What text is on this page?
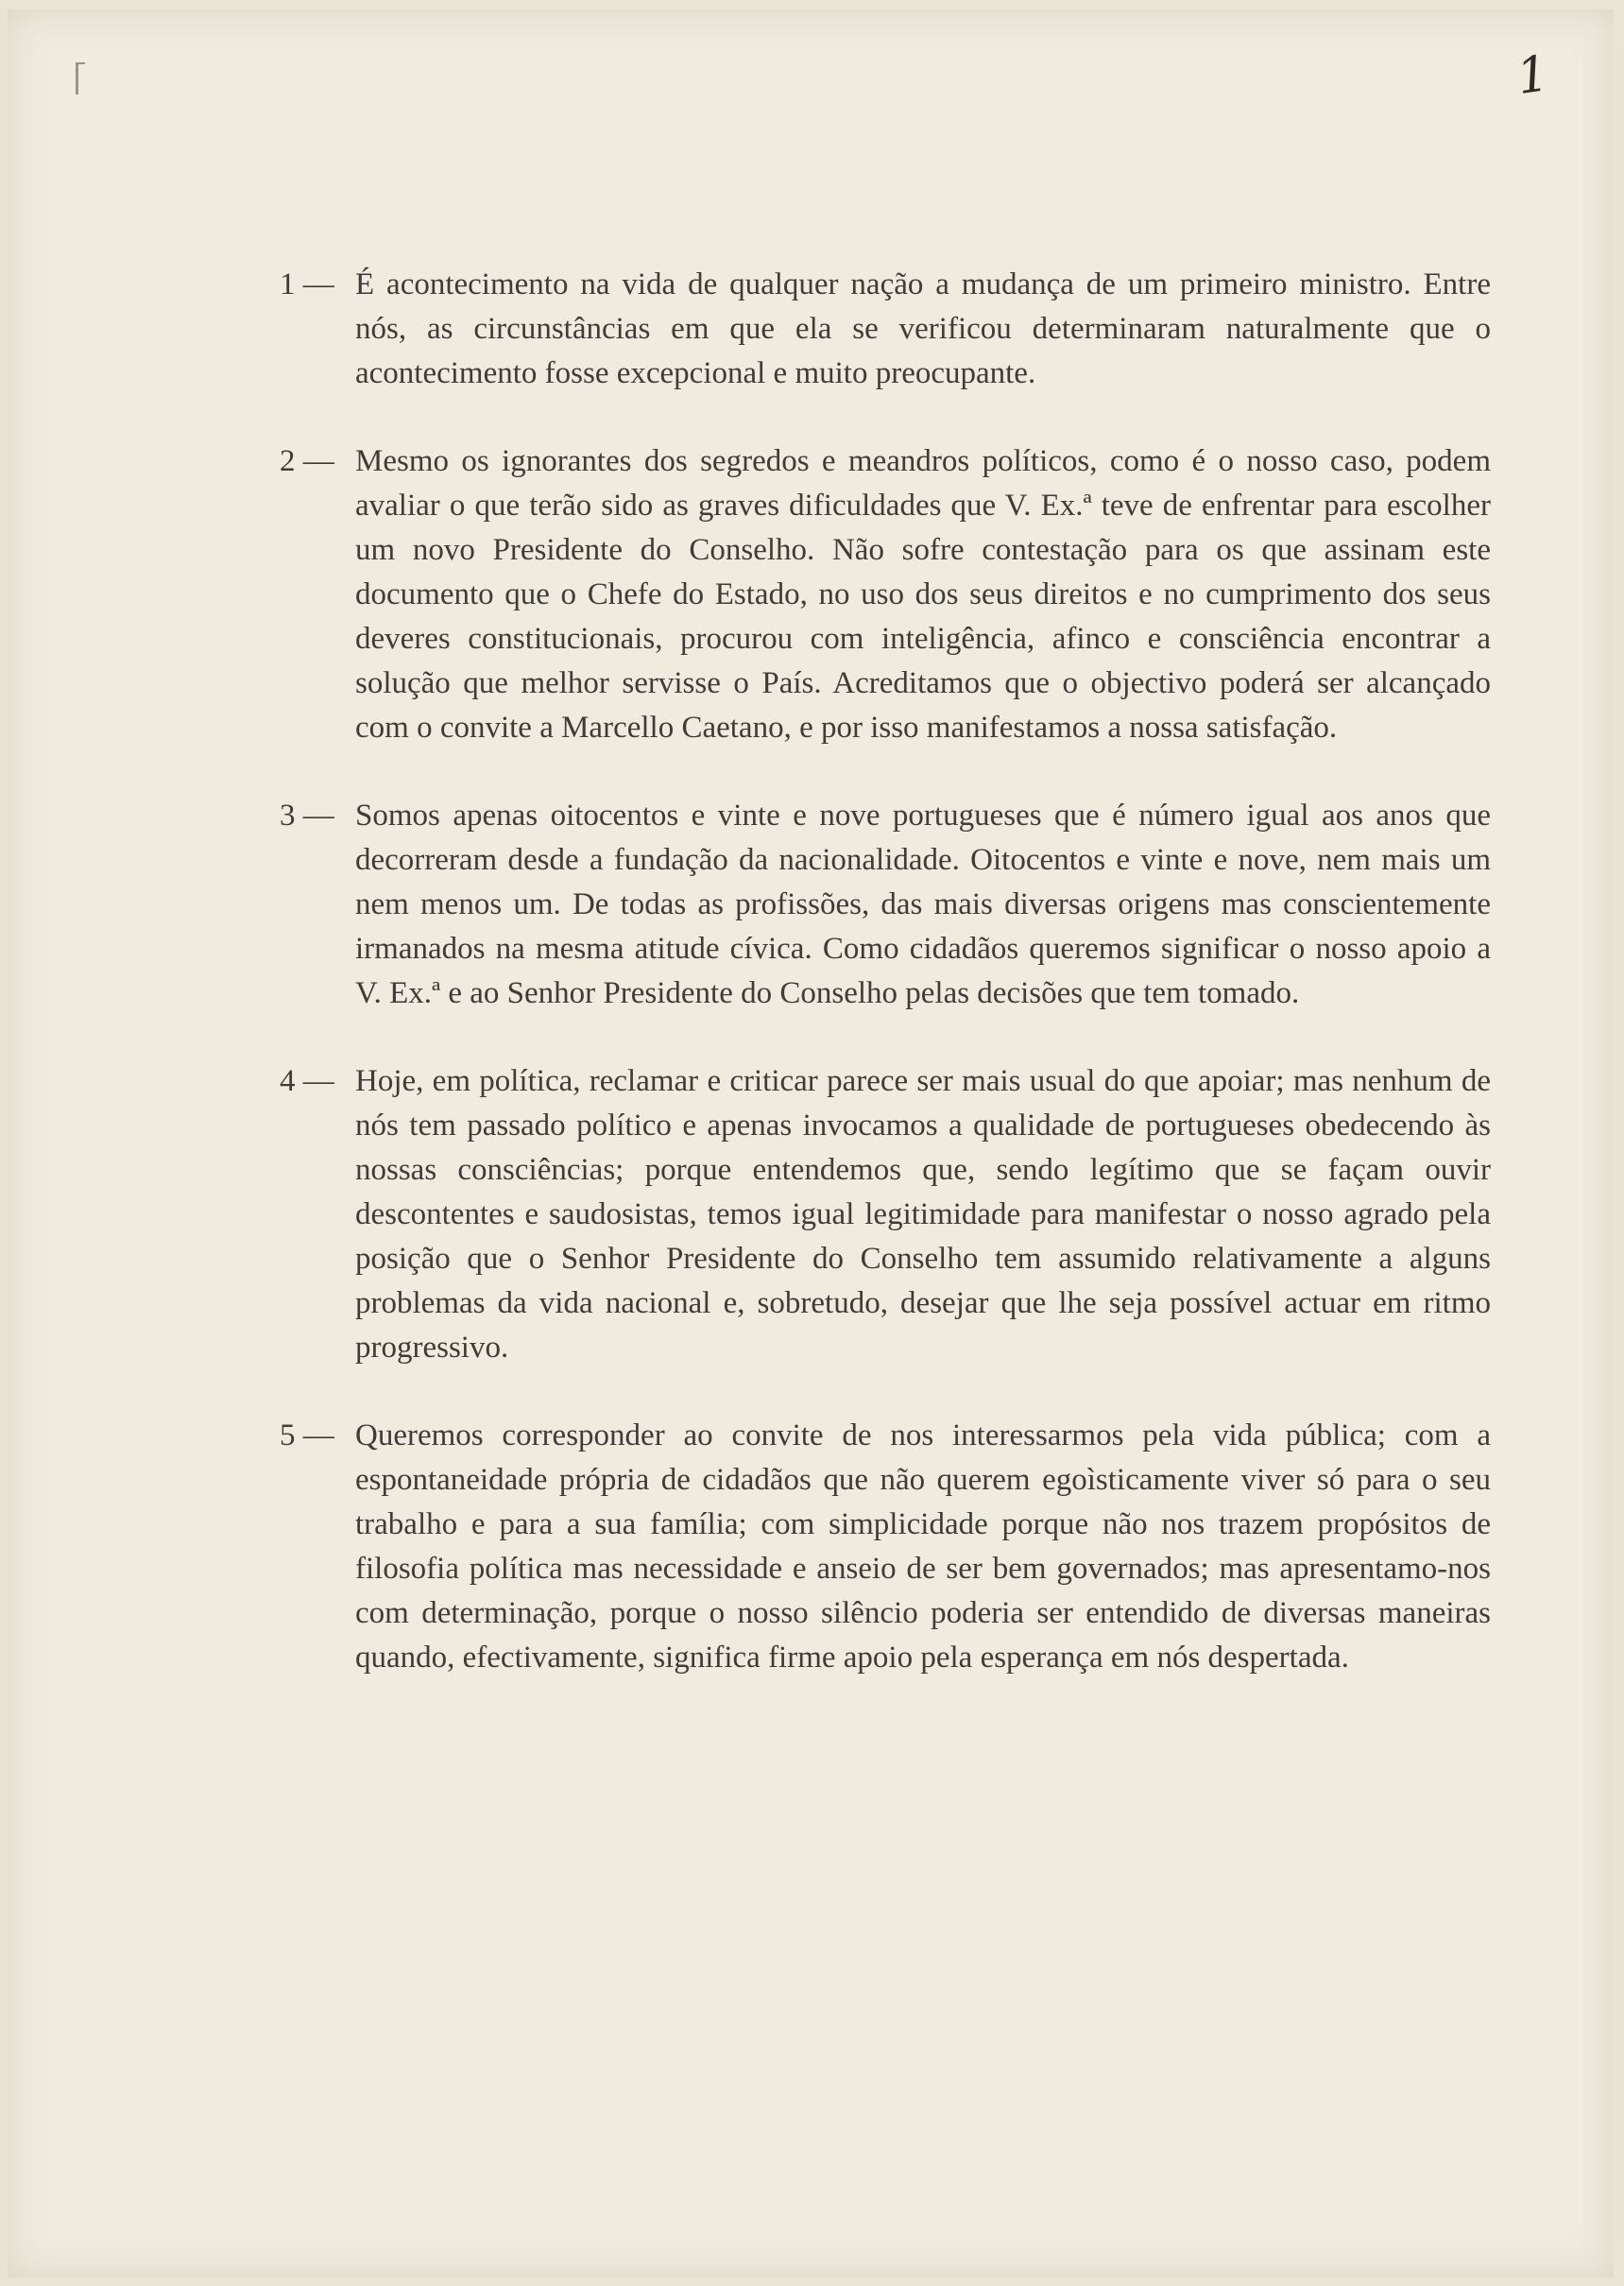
1
1 — É acontecimento na vida de qualquer nação a mudança de um primeiro ministro. Entre nós, as circunstâncias em que ela se verificou determinaram naturalmente que o acontecimento fosse excepcional e muito preocupante.
2 — Mesmo os ignorantes dos segredos e meandros políticos, como é o nosso caso, podem avaliar o que terão sido as graves dificuldades que V. Ex.ª teve de enfrentar para escolher um novo Presidente do Conselho. Não sofre contestação para os que assinam este documento que o Chefe do Estado, no uso dos seus direitos e no cumprimento dos seus deveres constitucionais, procurou com inteligência, afinco e consciência encontrar a solução que melhor servisse o País. Acreditamos que o objectivo poderá ser alcançado com o convite a Marcello Caetano, e por isso manifestamos a nossa satisfação.
3 — Somos apenas oitocentos e vinte e nove portugueses que é número igual aos anos que decorreram desde a fundação da nacionalidade. Oitocentos e vinte e nove, nem mais um nem menos um. De todas as profissões, das mais diversas origens mas conscientemente irmanados na mesma atitude cívica. Como cidadãos queremos significar o nosso apoio a V. Ex.ª e ao Senhor Presidente do Conselho pelas decisões que tem tomado.
4 — Hoje, em política, reclamar e criticar parece ser mais usual do que apoiar; mas nenhum de nós tem passado político e apenas invocamos a qualidade de portugueses obedecendo às nossas consciências; porque entendemos que, sendo legítimo que se façam ouvir descontentes e saudosistas, temos igual legitimidade para manifestar o nosso agrado pela posição que o Senhor Presidente do Conselho tem assumido relativamente a alguns problemas da vida nacional e, sobretudo, desejar que lhe seja possível actuar em ritmo progressivo.
5 — Queremos corresponder ao convite de nos interessarmos pela vida pública; com a espontaneidade própria de cidadãos que não querem egoìsticamente viver só para o seu trabalho e para a sua família; com simplicidade porque não nos trazem propósitos de filosofia política mas necessidade e anseio de ser bem governados; mas apresentamo-nos com determinação, porque o nosso silêncio poderia ser entendido de diversas maneiras quando, efectivamente, significa firme apoio pela esperança em nós despertada.
